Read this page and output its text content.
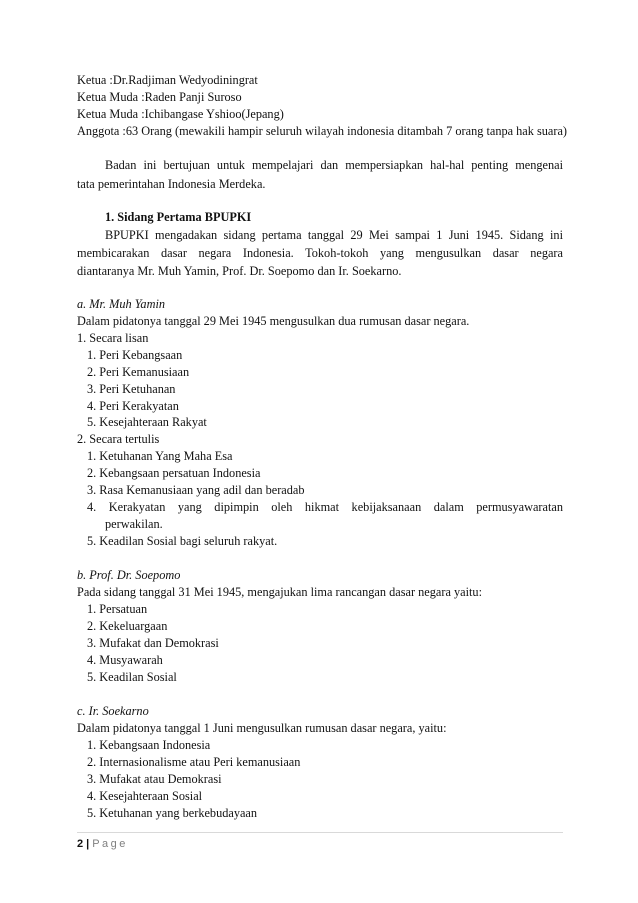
Ketua :Dr.Radjiman Wedyodiningrat
Ketua Muda :Raden Panji Suroso
Ketua Muda :Ichibangase Yshioo(Jepang)
Anggota :63 Orang (mewakili hampir seluruh wilayah indonesia ditambah 7 orang tanpa hak suara)
Badan ini bertujuan untuk mempelajari dan mempersiapkan hal-hal penting mengenai
tata pemerintahan Indonesia Merdeka.
1. Sidang Pertama BPUPKI
BPUPKI mengadakan sidang pertama tanggal 29 Mei sampai 1 Juni 1945. Sidang ini
membicarakan dasar negara Indonesia. Tokoh-tokoh yang mengusulkan dasar negara
diantaranya Mr. Muh Yamin, Prof. Dr. Soepomo dan Ir. Soekarno.
a. Mr. Muh Yamin
Dalam pidatonya tanggal 29 Mei 1945 mengusulkan dua rumusan dasar negara.
1. Secara lisan
1. Peri Kebangsaan
2. Peri Kemanusiaan
3. Peri Ketuhanan
4. Peri Kerakyatan
5. Kesejahteraan Rakyat
2. Secara tertulis
1. Ketuhanan Yang Maha Esa
2. Kebangsaan persatuan Indonesia
3. Rasa Kemanusiaan yang adil dan beradab
4. Kerakyatan yang dipimpin oleh hikmat kebijaksanaan dalam permusyawaratan
perwakilan.
5. Keadilan Sosial bagi seluruh rakyat.
b. Prof. Dr. Soepomo
Pada sidang tanggal 31 Mei 1945, mengajukan lima rancangan dasar negara yaitu:
1. Persatuan
2. Kekeluargaan
3. Mufakat dan Demokrasi
4. Musyawarah
5. Keadilan Sosial
c. Ir. Soekarno
Dalam pidatonya tanggal 1 Juni mengusulkan rumusan dasar negara, yaitu:
1. Kebangsaan Indonesia
2. Internasionalisme atau Peri kemanusiaan
3. Mufakat atau Demokrasi
4. Kesejahteraan Sosial
5. Ketuhanan yang berkebudayaan
2 | Page
